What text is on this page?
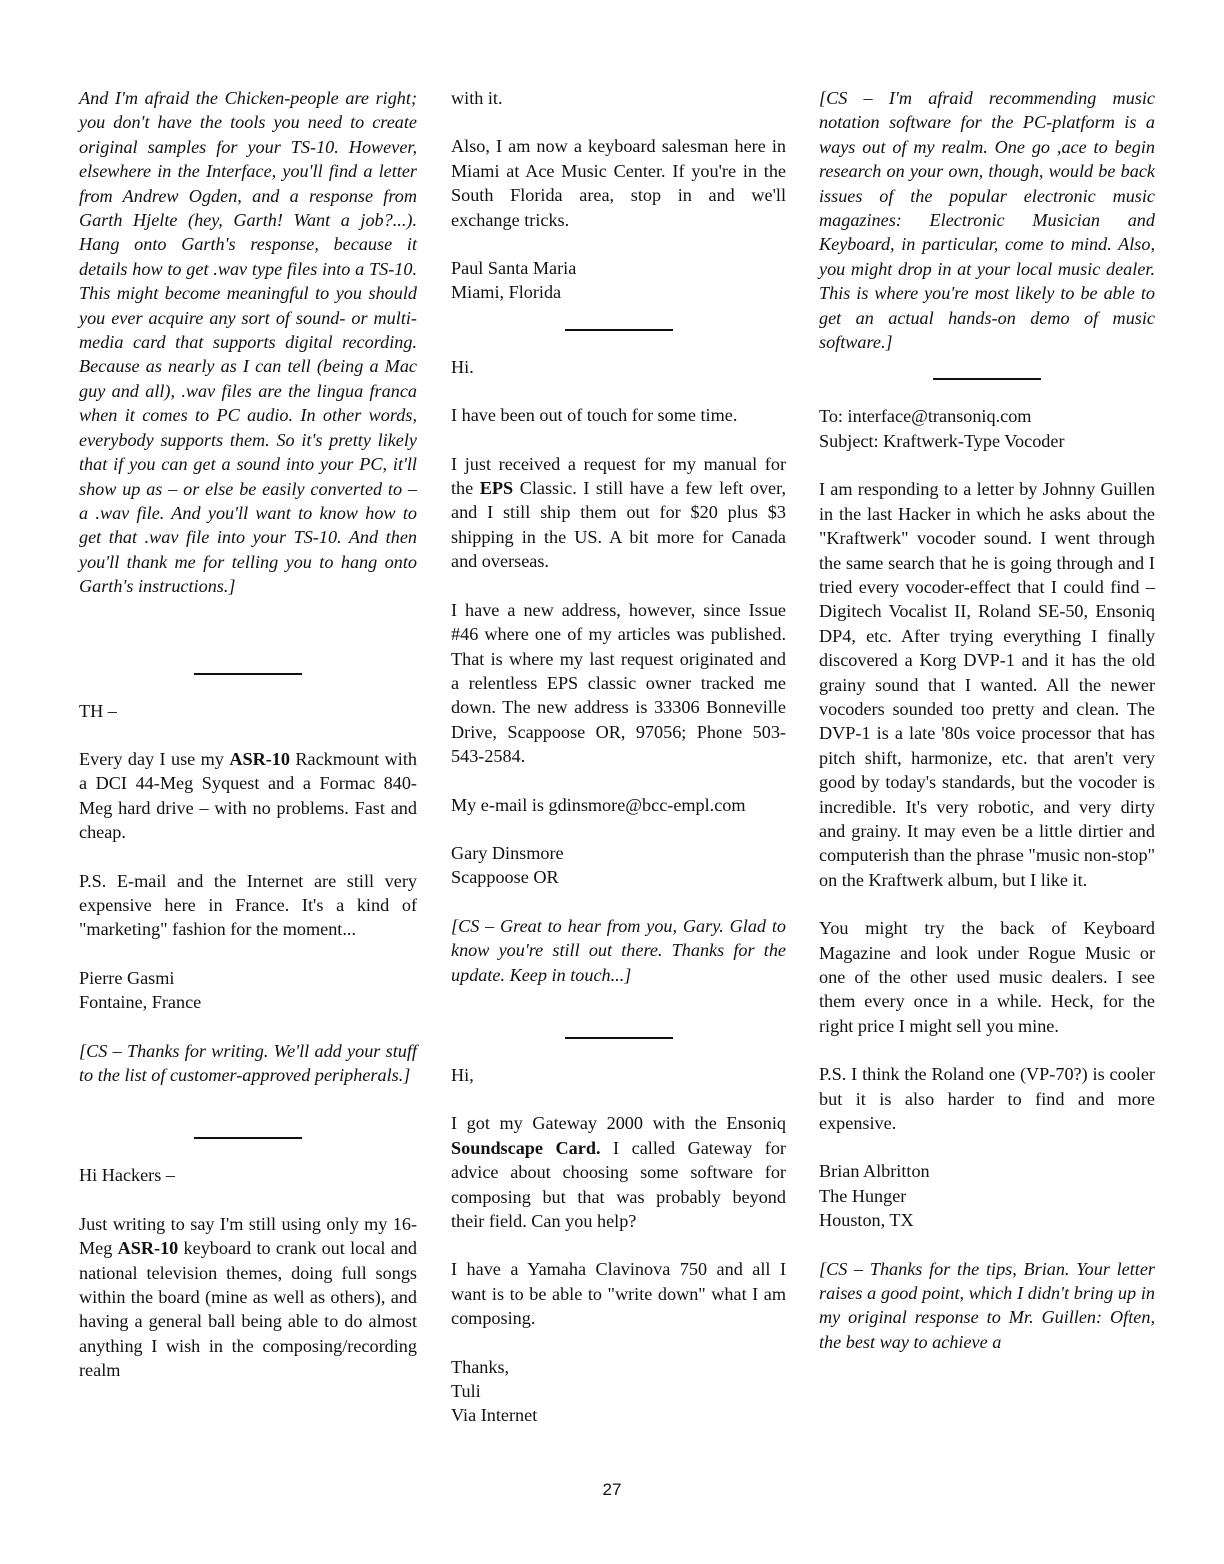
And I'm afraid the Chicken-people are right; you don't have the tools you need to create original samples for your TS-10. However, elsewhere in the Interface, you'll find a letter from Andrew Ogden, and a response from Garth Hjelte (hey, Garth! Want a job?...). Hang onto Garth's response, because it details how to get .wav type files into a TS-10. This might become meaningful to you should you ever acquire any sort of sound- or multi-media card that supports digital recording. Because as nearly as I can tell (being a Mac guy and all), .wav files are the lingua franca when it comes to PC audio. In other words, everybody supports them. So it's pretty likely that if you can get a sound into your PC, it'll show up as – or else be easily converted to – a .wav file. And you'll want to know how to get that .wav file into your TS-10. And then you'll thank me for telling you to hang onto Garth's instructions.]

TH –

Every day I use my ASR-10 Rackmount with a DCI 44-Meg Syquest and a Formac 840-Meg hard drive – with no problems. Fast and cheap.

P.S. E-mail and the Internet are still very expensive here in France. It's a kind of "marketing" fashion for the moment...

Pierre Gasmi
Fontaine, France

[CS – Thanks for writing. We'll add your stuff to the list of customer-approved peripherals.]

Hi Hackers –

Just writing to say I'm still using only my 16-Meg ASR-10 keyboard to crank out local and national television themes, doing full songs within the board (mine as well as others), and having a general ball being able to do almost anything I wish in the composing/recording realm

with it.

Also, I am now a keyboard salesman here in Miami at Ace Music Center. If you're in the South Florida area, stop in and we'll exchange tricks.

Paul Santa Maria
Miami, Florida

Hi.

I have been out of touch for some time.

I just received a request for my manual for the EPS Classic. I still have a few left over, and I still ship them out for $20 plus $3 shipping in the US. A bit more for Canada and overseas.

I have a new address, however, since Issue #46 where one of my articles was published. That is where my last request originated and a relentless EPS classic owner tracked me down. The new address is 33306 Bonneville Drive, Scappoose OR, 97056; Phone 503-543-2584.

My e-mail is gdinsmore@bcc-empl.com

Gary Dinsmore
Scappoose OR

[CS – Great to hear from you, Gary. Glad to know you're still out there. Thanks for the update. Keep in touch...]

Hi,

I got my Gateway 2000 with the Ensoniq Soundscape Card. I called Gateway for advice about choosing some software for composing but that was probably beyond their field. Can you help?

I have a Yamaha Clavinova 750 and all I want is to be able to "write down" what I am composing.

Thanks,
Tuli
Via Internet

[CS – I'm afraid recommending music notation software for the PC-platform is a ways out of my realm. One go ,ace to begin research on your own, though, would be back issues of the popular electronic music magazines: Electronic Musician and Keyboard, in particular, come to mind. Also, you might drop in at your local music dealer. This is where you're most likely to be able to get an actual hands-on demo of music software.]

To: interface@transoniq.com
Subject: Kraftwerk-Type Vocoder

I am responding to a letter by Johnny Guillen in the last Hacker in which he asks about the "Kraftwerk" vocoder sound. I went through the same search that he is going through and I tried every vocoder-effect that I could find – Digitech Vocalist II, Roland SE-50, Ensoniq DP4, etc. After trying everything I finally discovered a Korg DVP-1 and it has the old grainy sound that I wanted. All the newer vocoders sounded too pretty and clean. The DVP-1 is a late '80s voice processor that has pitch shift, harmonize, etc. that aren't very good by today's standards, but the vocoder is incredible. It's very robotic, and very dirty and grainy. It may even be a little dirtier and computerish than the phrase "music non-stop" on the Kraftwerk album, but I like it.

You might try the back of Keyboard Magazine and look under Rogue Music or one of the other used music dealers. I see them every once in a while. Heck, for the right price I might sell you mine.

P.S. I think the Roland one (VP-70?) is cooler but it is also harder to find and more expensive.

Brian Albritton
The Hunger
Houston, TX

[CS – Thanks for the tips, Brian. Your letter raises a good point, which I didn't bring up in my original response to Mr. Guillen: Often, the best way to achieve a

27
